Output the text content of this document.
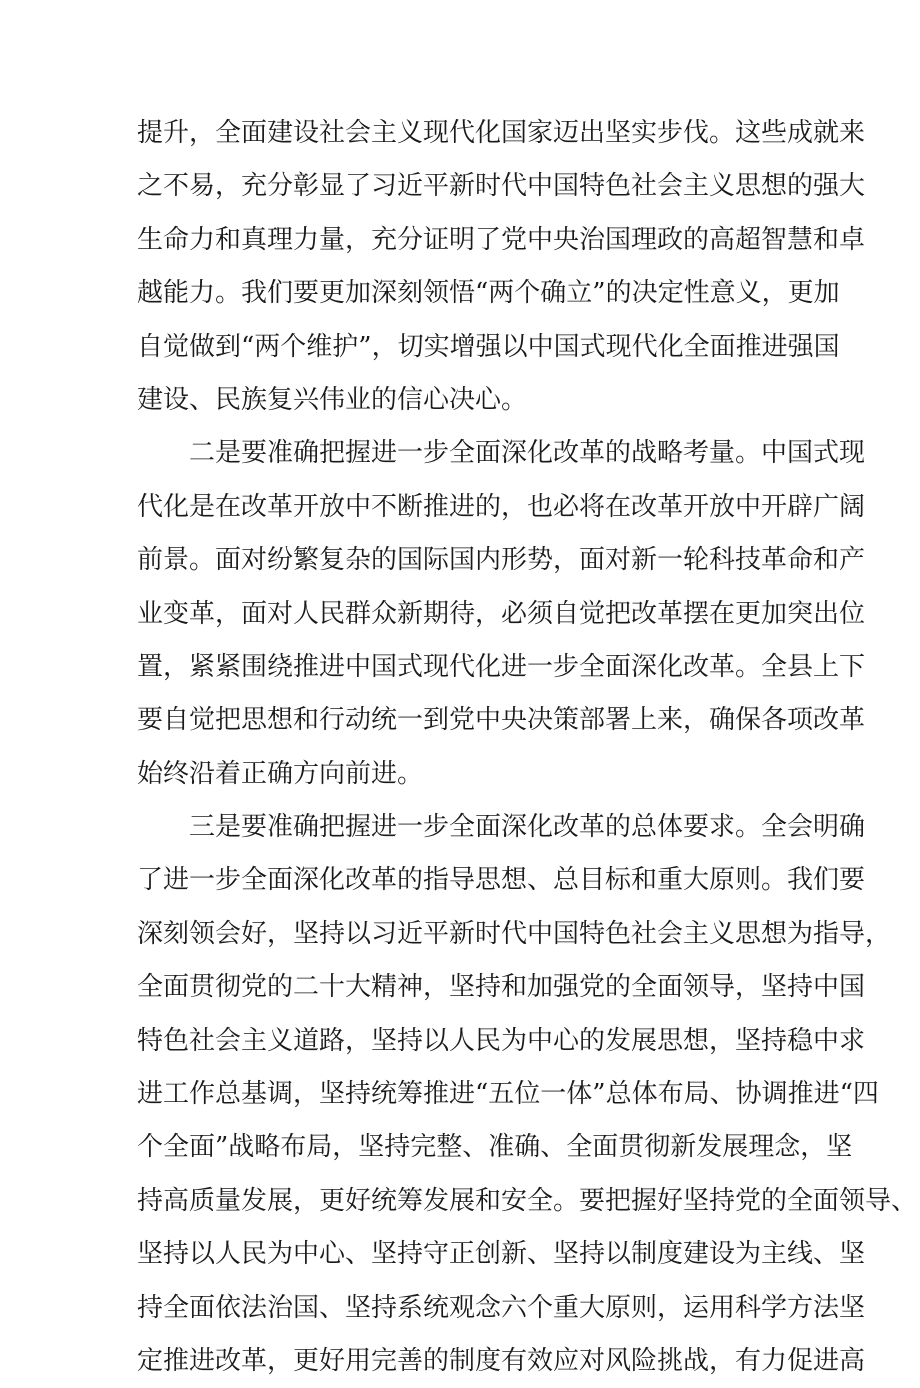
提升，全面建设社会主义现代化国家迈出坚实步伐。这些成就来
之不易，充分彰显了习近平新时代中国特色社会主义思想的强大
生命力和真理力量，充分证明了党中央治国理政的高超智慧和卓
越能力。我们要更加深刻领悟“两个确立”的决定性意义，更加
自觉做到“两个维护”，切实增强以中国式现代化全面推进强国
建设、民族复兴伟业的信心决心。
二是要准确把握进一步全面深化改革的战略考量。中国式现
代化是在改革开放中不断推进的，也必将在改革开放中开辟广阔
前景。面对纷繁复杂的国际国内形势，面对新一轮科技革命和产
业变革，面对人民群众新期待，必须自觉把改革摆在更加突出位
置，紧紧围绕推进中国式现代化进一步全面深化改革。全县上下
要自觉把思想和行动统一到党中央决策部署上来，确保各项改革
始终沿着正确方向前进。
三是要准确把握进一步全面深化改革的总体要求。全会明确
了进一步全面深化改革的指导思想、总目标和重大原则。我们要
深刻领会好，坚持以习近平新时代中国特色社会主义思想为指导，
全面贯彻党的二十大精神，坚持和加强党的全面领导，坚持中国
特色社会主义道路，坚持以人民为中心的发展思想，坚持稳中求
进工作总基调，坚持统筹推进“五位一体”总体布局、协调推进“四
个全面”战略布局，坚持完整、准确、全面贯彻新发展理念，坚
持高质量发展，更好统筹发展和安全。要把握好坚持党的全面领导、
坚持以人民为中心、坚持守正创新、坚持以制度建设为主线、坚
持全面依法治国、坚持系统观念六个重大原则，运用科学方法坚
定推进改革，更好用完善的制度有效应对风险挑战，有力促进高
